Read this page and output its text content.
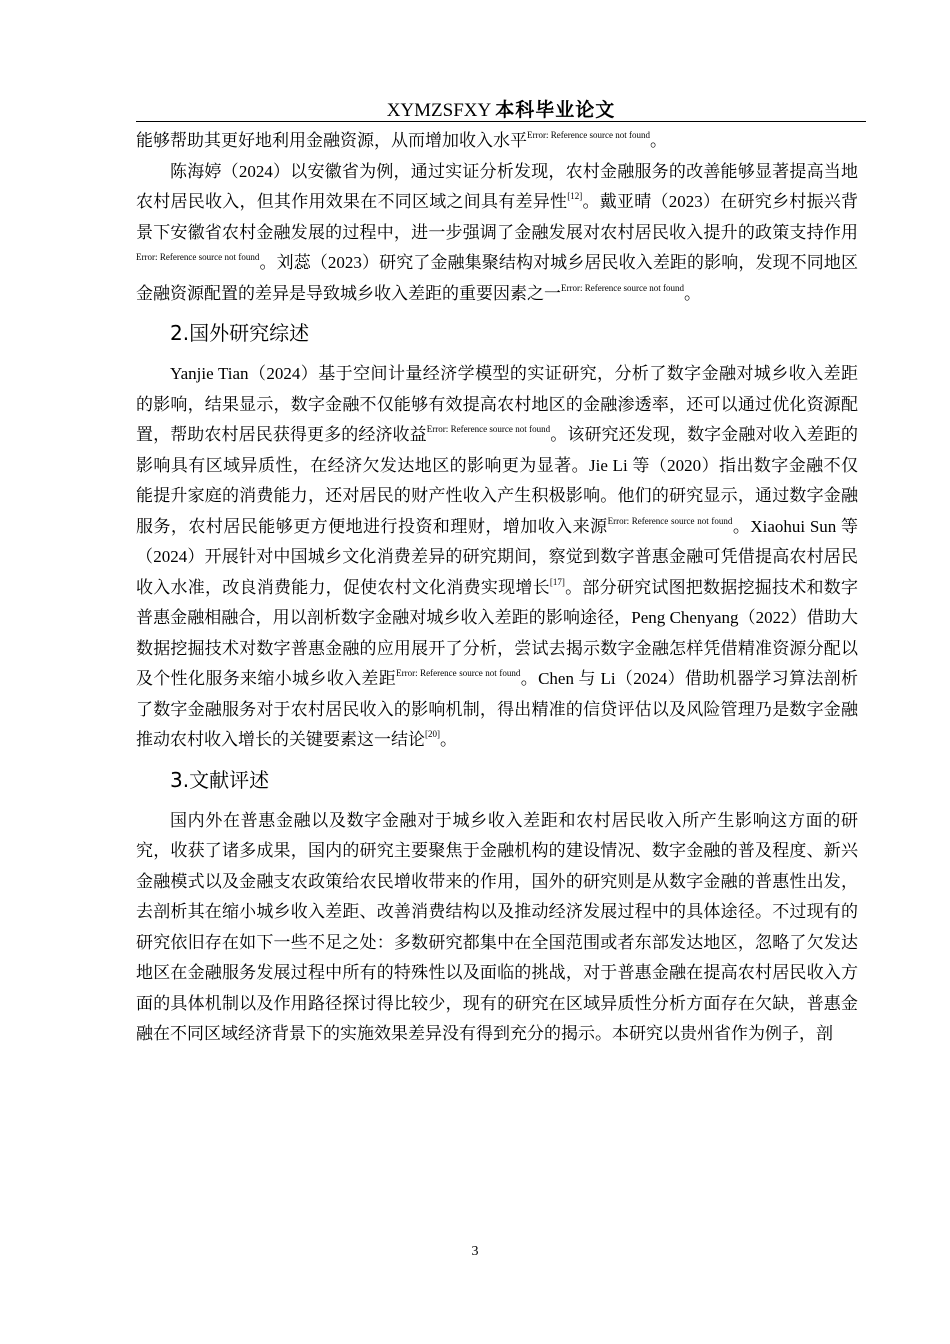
XYMZSFXY 本科毕业论文

能够帮助其更好地利用金融资源，从而增加收入水平$^{Error: Reference source not found}$。

陈海婷（2024）以安徽省为例，通过实证分析发现，农村金融服务的改善能够显著提高当地农村居民收入，但其作用效果在不同区域之间具有差异性[12]。戴亚晴（2023）在研究乡村振兴背景下安徽省农村金融发展的过程中，进一步强调了金融发展对农村居民收入提升的政策支持作用$^{Error: Reference source not found}$。刘蕊（2023）研究了金融集聚结构对城乡居民收入差距的影响，发现不同地区金融资源配置的差异是导致城乡收入差距的重要因素之一$^{Error: Reference source not found}$。

2.国外研究综述

Yanjie Tian（2024）基于空间计量经济学模型的实证研究，分析了数字金融对城乡收入差距的影响，结果显示，数字金融不仅能够有效提高农村地区的金融渗透率，还可以通过优化资源配置，帮助农村居民获得更多的经济收益$^{Error: Reference source not found}$。该研究还发现，数字金融对收入差距的影响具有区域异质性，在经济欠发达地区的影响更为显著。Jie Li 等（2020）指出数字金融不仅能提升家庭的消费能力，还对居民的财产性收入产生积极影响。他们的研究显示，通过数字金融服务，农村居民能够更方便地进行投资和理财，增加收入来源$^{Error: Reference source not found}$。Xiaohui Sun 等（2024）开展针对中国城乡文化消费差异的研究期间，察觉到数字普惠金融可凭借提高农村居民收入水准，改良消费能力，促使农村文化消费实现增长[17]。部分研究试图把数据挖掘技术和数字普惠金融相融合，用以剖析数字金融对城乡收入差距的影响途径，Peng Chenyang（2022）借助大数据挖掘技术对数字普惠金融的应用展开了分析，尝试去揭示数字金融怎样凭借精准资源分配以及个性化服务来缩小城乡收入差距$^{Error: Reference source not found}$。Chen 与 Li（2024）借助机器学习算法剖析了数字金融服务对于农村居民收入的影响机制，得出精准的信贷评估以及风险管理乃是数字金融推动农村收入增长的关键要素这一结论[20]。

3.文献评述

国内外在普惠金融以及数字金融对于城乡收入差距和农村居民收入所产生影响这方面的研究，收获了诸多成果，国内的研究主要聚焦于金融机构的建设情况、数字金融的普及程度、新兴金融模式以及金融支农政策给农民增收带来的作用，国外的研究则是从数字金融的普惠性出发，去剖析其在缩小城乡收入差距、改善消费结构以及推动经济发展过程中的具体途径。不过现有的研究依旧存在如下一些不足之处：多数研究都集中在全国范围或者东部发达地区，忽略了欠发达地区在金融服务发展过程中所有的特殊性以及面临的挑战，对于普惠金融在提高农村居民收入方面的具体机制以及作用路径探讨得比较少，现有的研究在区域异质性分析方面存在欠缺，普惠金融在不同区域经济背景下的实施效果差异没有得到充分的揭示。本研究以贵州省作为例子，剖

3
